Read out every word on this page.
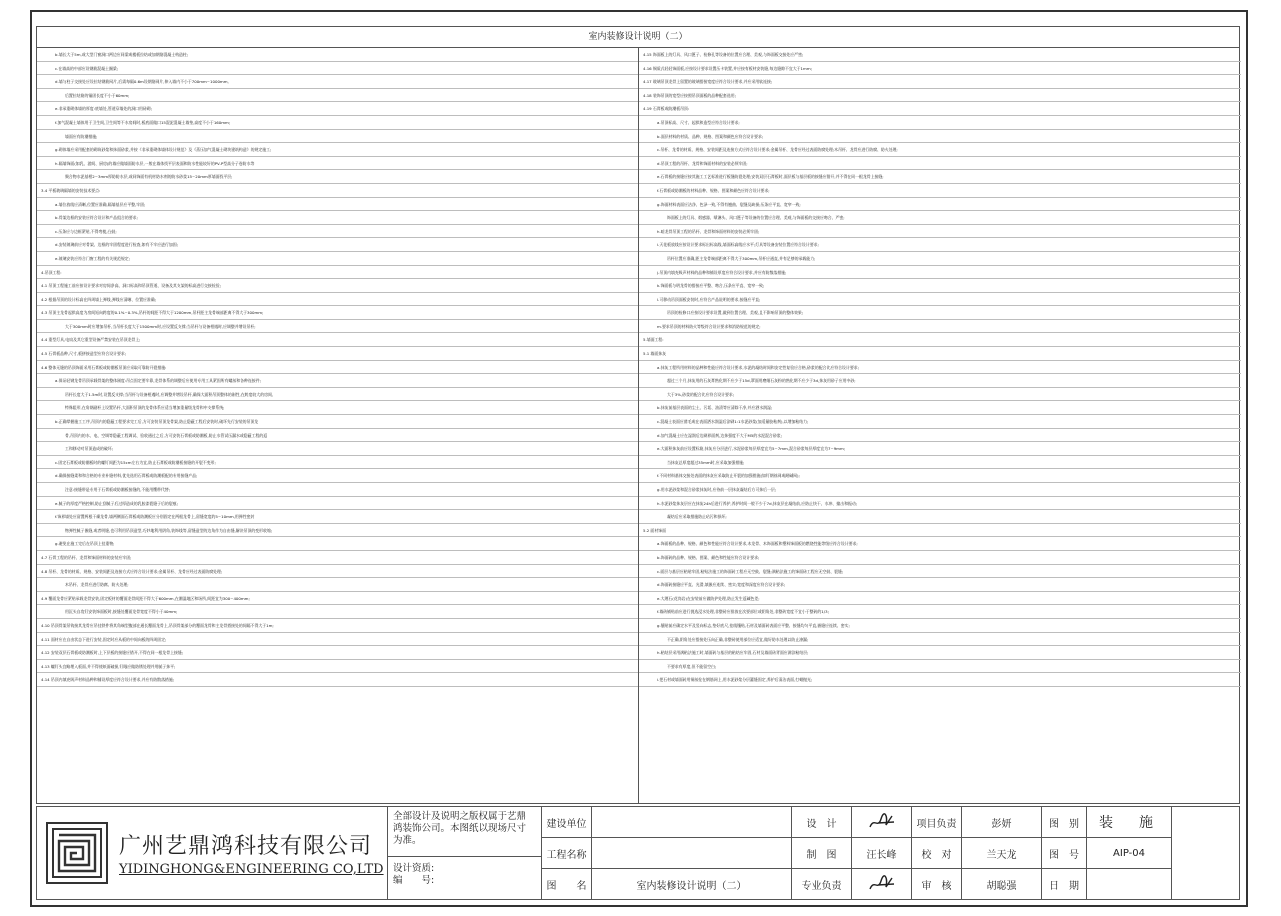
室内装修设计说明（二）
b.墙长大于5m,或大型门窗洞口两边应同梁或楼板拉结或加钢筋混凝土构造柱;
c.在墙高的中部应设钢筋混凝土圈梁;
d.墙与柱子交接处应设拉结钢筋网片,后需每隔0.6m设钢筋网片,伸入墙内不小于700mm~1000mm,
后置拉结筋的锚固长度不小于60mm;
e.非承重砌体墙的厚度:底墙处,管道穿墙处的洞口用砖砌;
f.加气混凝土墙体用于卫生间,卫生间等不水房间时,板底面做口15混泥混凝土墙垫,高度不小于160mm;
墙面应有防潮措施;
g.砌体墙应采用配套的砌筑砂浆和抹面砂浆,并按《非承重砌体墙体设计规范》及《蒸压加气混凝土砌块建筑构造》的规定施工;
h.隔墙饰面(如乳、游间、厨房)的墙应做墙面防水层,一般在墙体找平层表面和防水性能较好的PV-P型高分子卷防水等
聚合物水泥基相2~3mm厚防防水层,或同饰面有机材防水剂的防水砂浆15~20mm厚墙面找平层;
3.4 平板玻璃隔墙的安装技术要点:
a.墙位放线应清晰,位置应准确,隔墙基层应平整,牢固;
b.骨架边框的安装应符合设计和产品组合的要求;
c.压条应与边框紧贴,不得弯棱,凸鼓;
d.安装玻璃前应对骨架、边框的牢固程度进行检查,如有不牢应进行加固;
e.玻璃安装应符合门窗工程的有关规范规定;
4.吊顶工程:
4.1 吊顶工程施工前应按设计要求对房间净高、洞口标高和吊顶管道、设备及其支架的标高进行交接检验;
4.2 根据吊顶的设计标高在四周墙上弹线,弹线应清晰、位置应准确;
4.3 吊顶主龙骨起拱高度为房间短向跨度的0.1%~0.3%,吊杆的间距不得大于1200mm,吊杆距主龙骨端部距离不得大于300mm;
大于300mm时应增加吊杆,当吊杆长度大于1500mm时,应设置反支撑;当吊杆与设备相遇时,应调整并增设吊杆;
4.4 重型灯具,电扇及其它重型设备严禁安装在吊顶龙骨上;
4.5 石膏板品种,尺寸,板拼接造型应符合设计要求;
4.6 整体无缝的吊顶饰面采用石膏板或防潮板吊顶应采取可靠防开裂措施:
a.保证轻钢龙骨吊顶承载骨架的整体刚度:吊点固定要牢靠,龙骨体系的调整后应使用专用工具紧固所有螺丝和各种连接件;
吊杆长度大于1.5m时,设置反支撑;当吊杆与设备相遇时,应调整并增设吊杆,确保大面积吊顶整体的刚性,在跨度较大的房间,
特殊阻形,在角钢副杆上设置吊杆,大面积吊顶的龙骨体系应适当增加重量级龙骨和中支撑系统;
b.正确掌握施工工序,吊顶内的隐蔽工程要求完工后,方可安装吊顶龙骨架,防止隐蔽工程后安装时,破坏先行安装的吊顶龙
骨,吊顶内的水、电、空调等隐蔽工程调试、验收通过之后,方可安装石膏板或防潮板,防止水管试压漏水或隐蔽工程的返
工和移动对吊顶造成的破坏;
c.固定石膏板或防潮板时的螺钉间距为15cm左右为宜,防止石膏板或防潮板接缝的开裂不变形;
d.确保接缝柔和和合格的专业补缝材料,优先选用石膏板或防潮板配的专用接缝产品;
注意:接缝带是专用于石膏板或防潮板接缝的,不能用绷带代替;
e.腻子的厚度严格控制,防止刮腻子后过厚造成的乳胶漆裂缝子后的裂痕;
f.饰界墙处应留置两根干燥龙骨,墙两侧面石膏板或防潮板应分别固定在两根龙骨上,留缝宽度约5~10mm,用弹性密封
物弹性腻子嵌缝,或者明缝,也可利用吊顶造型,巧妙地利用阴角,装饰线等,留缝造型的边角作为自由缝,解决吊顶的变形收缩;
g.避免在施工完后在吊顶上挂重物;
4.7 石膏工程的吊杆、龙骨和饰面材料的安装应牢固;
4.8 吊杆、龙骨的材质、规格、安装间距及连接方式应符合设计要求;金属吊杆、龙骨应经过表面防腐处理;
木吊杆、龙骨应进行防腐、防火处理;
4.9 覆面龙骨应紧贴承载龙骨安装,固定板材的覆面龙骨间距不得大于600mm,在潮湿地区和场所,间距宜为300~400mm;
用沉头自攻钉安装饰面板时,接缝处覆面龙骨宽度不得小于40mm;
4.10 吊顶骨架吊钩接其龙骨应吊挂铁件将其角端型腹部在通长覆面龙骨上,吊顶骨架部分的覆面龙骨和主龙骨搭接处的间隔不得大于1m;
4.11 面材应在自由状态下进行安装,固定时应从板的中间向板的四周固定;
4.12 安装双层石膏板或防潮板时,上下层板的接缝应错开,不得在同一根龙骨上接缝;
4.13 螺钉头宜略埋入板面,并不得使纸面破损,钉眼应做防锈处理并用腻子抹平;
4.14 吊顶内填充吸声材料品种和铺设厚度应符合设计要求,并应有防散落措施;
4.15 饰面板上的灯具、风口篦子、检修孔等设备的位置应合理、美观,与饰面板交接处应严密;
4.16 铜质式轻轻饰面板,应按设计要求设置压卡装置,并应按有板材安装缝,每边缝隙不宜大于1mm;
4.17 玻璃吊顶龙骨上留置的玻璃搭接宽度应符合设计要求,并应采用软连接;
4.18 装饰吊顶的宽型应按照吊顶面板的品种配套选用;
4.19 石膏板或防潮板吊顶:
a.吊顶标高、尺寸、起拱和造型应符合设计要求;
b.面层材料的材质、品种、规格、图案和颜色应符合设计要求;
c.吊杆、龙骨的材质、规格、安装间距及连接方式应符合设计要求;金属吊杆、龙骨应经过表面防腐处理;木吊杆、龙骨应进行防腐、防火处理;
d.吊顶工程的吊杆、龙骨和饰面材料的安装必须牢固;
e.石膏板的接缝应按其施工工艺标准进行板缝防裂处理;安装双层石膏板时,面层板与基层板的接缝应错开,并不得在同一根龙骨上接缝;
f.石膏板或防潮板的材料品种、规格、图案和颜色应符合设计要求;
g.饰面材料表面应洁净、色泽一致,不得有翘曲、裂缝及缺损;压条应平直、宽窄一致;
饰面板上的灯具、烟感器、喷淋头、风口篦子等设备的位置应合理、美观,与饰面板的交接应吻合、严密;
h.暗龙骨吊顶工程的吊杆、龙骨和饰面材料的安装必须牢固;
i.天花板放线应按设计要求标出标高线,墙面标高线应水平;灯具等设备安装位置应符合设计要求;
吊杆位置应准确,距主龙骨端部距离不得大于300mm,吊杆应通直,并有足够的承载能力;
j.吊顶内填充吸声材料的品种和铺设厚度应符合设计要求,并应有防散落措施;
k.饰面板与明龙骨的搭接应平整、吻合,压条应平直、宽窄一致;
l.可移动吊顶面板安装时,应符合产品说明的要求,接缝应平直;
吊顶的检修口应按设计要求设置,做到位置合理、美观,且不影响吊顶的整体效果;
m.要求吊顶的材料防火等级符合设计要求和消防规范的规定;
5.墙面工程:
5.1 墙面抹灰
a.抹灰工程所用材料的品种和性能应符合设计要求,水泥的凝结时间和安定性复验应合格,砂浆的配合比应符合设计要求;
超过三个月,抹灰用的石灰膏熟化期不应少于15d,罩面用磨细石灰粉的熟化期不应少于3d,抹灰用砂子应用中砂;
大于3%,砂浆的配合比应符合设计要求;
b.抹灰前基层表面的尘土、污垢、油渍等应清除干净,并应洒水润湿;
c.混凝土表面应凿毛或在表面洒水润湿后涂刷1:1水泥砂浆(加适量胶粘剂),以增加粘结力;
d.加气混凝土应在湿润后边刷界面剂,边抹强度不大于M5的水泥混合砂浆;
e.大面积抹灰前应设置标筋,抹灰应分层进行,水泥砂浆每层厚度宜为5~7mm,混合砂浆每层厚度宜为7~9mm;
当抹灰总厚度超过35mm时,应采取加强措施;
f.不同材料基体交接处表面的抹灰应采取防止开裂的加强措施(如钉钢丝网或耐碱网);
g.用水泥砂浆和混合砂浆抹灰时,应待前一层抹灰凝结后方可抹后一层;
h.水泥砂浆抹灰层应在抹灰24h后进行养护,养护时间一般不少于7d,抹灰层在凝结前,应防止快干、水冲、撞击和振动;
凝结后应采取措施防止玷污和损坏;
5.2 面材饰面
a.饰面板的品种、规格、颜色和性能应符合设计要求,木龙骨、木饰面板和塑料饰面板的燃烧性能等级应符合设计要求;
b.饰面砖的品种、规格、图案、颜色和性能应符合设计要求;
c.面层与基层应粘贴牢固,粘贴法施工的饰面砖工程应无空鼓、裂缝;满粘法施工的饰面砖工程应无空鼓、裂缝;
d.饰面砖接缝应平直、光滑,填嵌应连续、密实;宽度和深度应符合设计要求;
e.大理石(花岗岩)在安装前应做防护处理,防止发生返碱色差;
f.墙砖铺贴前应进行挑选浸水处理,非整砖应排放在次要部位或阴角处,非整砖宽度不宜小于整砖的1/3;
g.镶贴前应确定水平及竖向标志,垫好底尺,挂线镶贴,石材及墙面砖表面应平整、接缝均匀平直,嵌缝应连续、密实;
不正确,阴角处应搭接处压向正确,非整砖使用部位应适宜,做好防水处理以防止渗漏;
h.粘结层采用满粘法施工时,墙面砖与基层的粘结应牢固,石材及墙面砖背面应满涂粘结层;
不要求有厚度,但不能留空白;
i.把石材或墙面砖用铜丝拴在钢筋网上,用水泥砂浆分层灌缝固定,养护后清洁表面,打蜡抛光;
广州艺鼎鸿科技有限公司
YIDINGHONG&ENGINEERING CO,LTD
全部设计及说明之版权属于艺鼎鸿装饰公司。本图纸以现场尺寸为准。
设计资质:
编　　号:
建设单位
工程名称
图　　名	室内装修设计说明（二）
设　计
制　图	汪长峰
专业负责
项目负责	彭妍
校　对	兰天龙
审　核	胡聪强
图　别	装　施
图　号	AIP-04
日　期
